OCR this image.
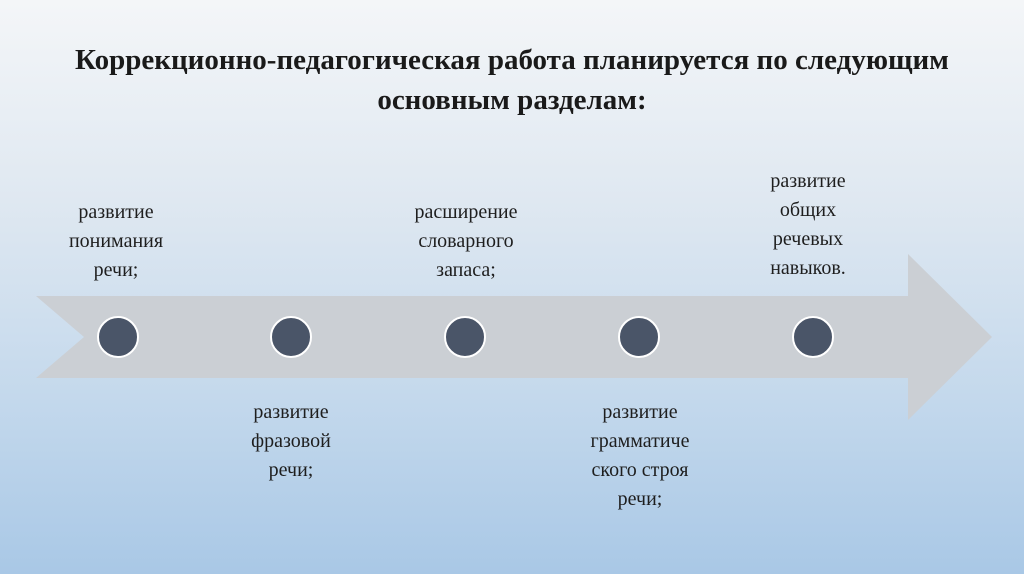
Коррекционно-педагогическая работа планируется по следующим основным разделам:
развитие
понимания
речи;
развитие
фразовой
речи;
расширение
словарного
запаса;
развитие
грамматиче
ского строя
речи;
развитие
общих
речевых
навыков.
